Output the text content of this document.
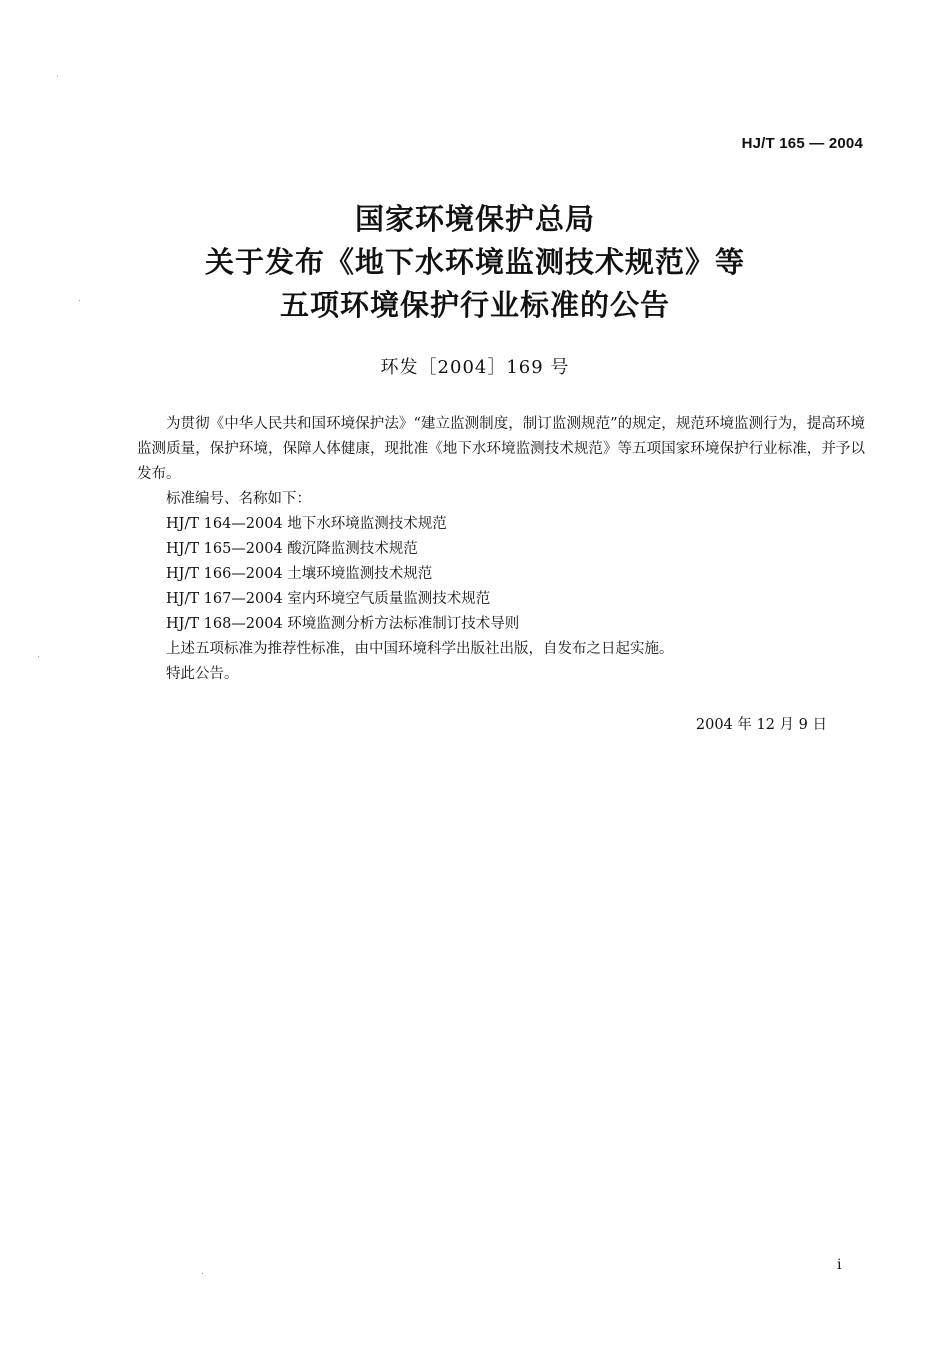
HJ/T 165 — 2004
国家环境保护总局
关于发布《地下水环境监测技术规范》等
五项环境保护行业标准的公告
环发［2004］169 号

为贯彻《中华人民共和国环境保护法》“建立监测制度，制订监测规范”的规定，规范环境监测行为，提高环境监测质量，保护环境，保障人体健康，现批准《地下水环境监测技术规范》等五项国家环境保护行业标准，并予以发布。

标准编号、名称如下：

HJ/T 164—2004 地下水环境监测技术规范

HJ/T 165—2004 酸沉降监测技术规范

HJ/T 166—2004 土壤环境监测技术规范

HJ/T 167—2004 室内环境空气质量监测技术规范

HJ/T 168—2004 环境监测分析方法标准制订技术导则

上述五项标准为推荐性标准，由中国环境科学出版社出版，自发布之日起实施。

特此公告。

2004 年 12 月 9 日
i
